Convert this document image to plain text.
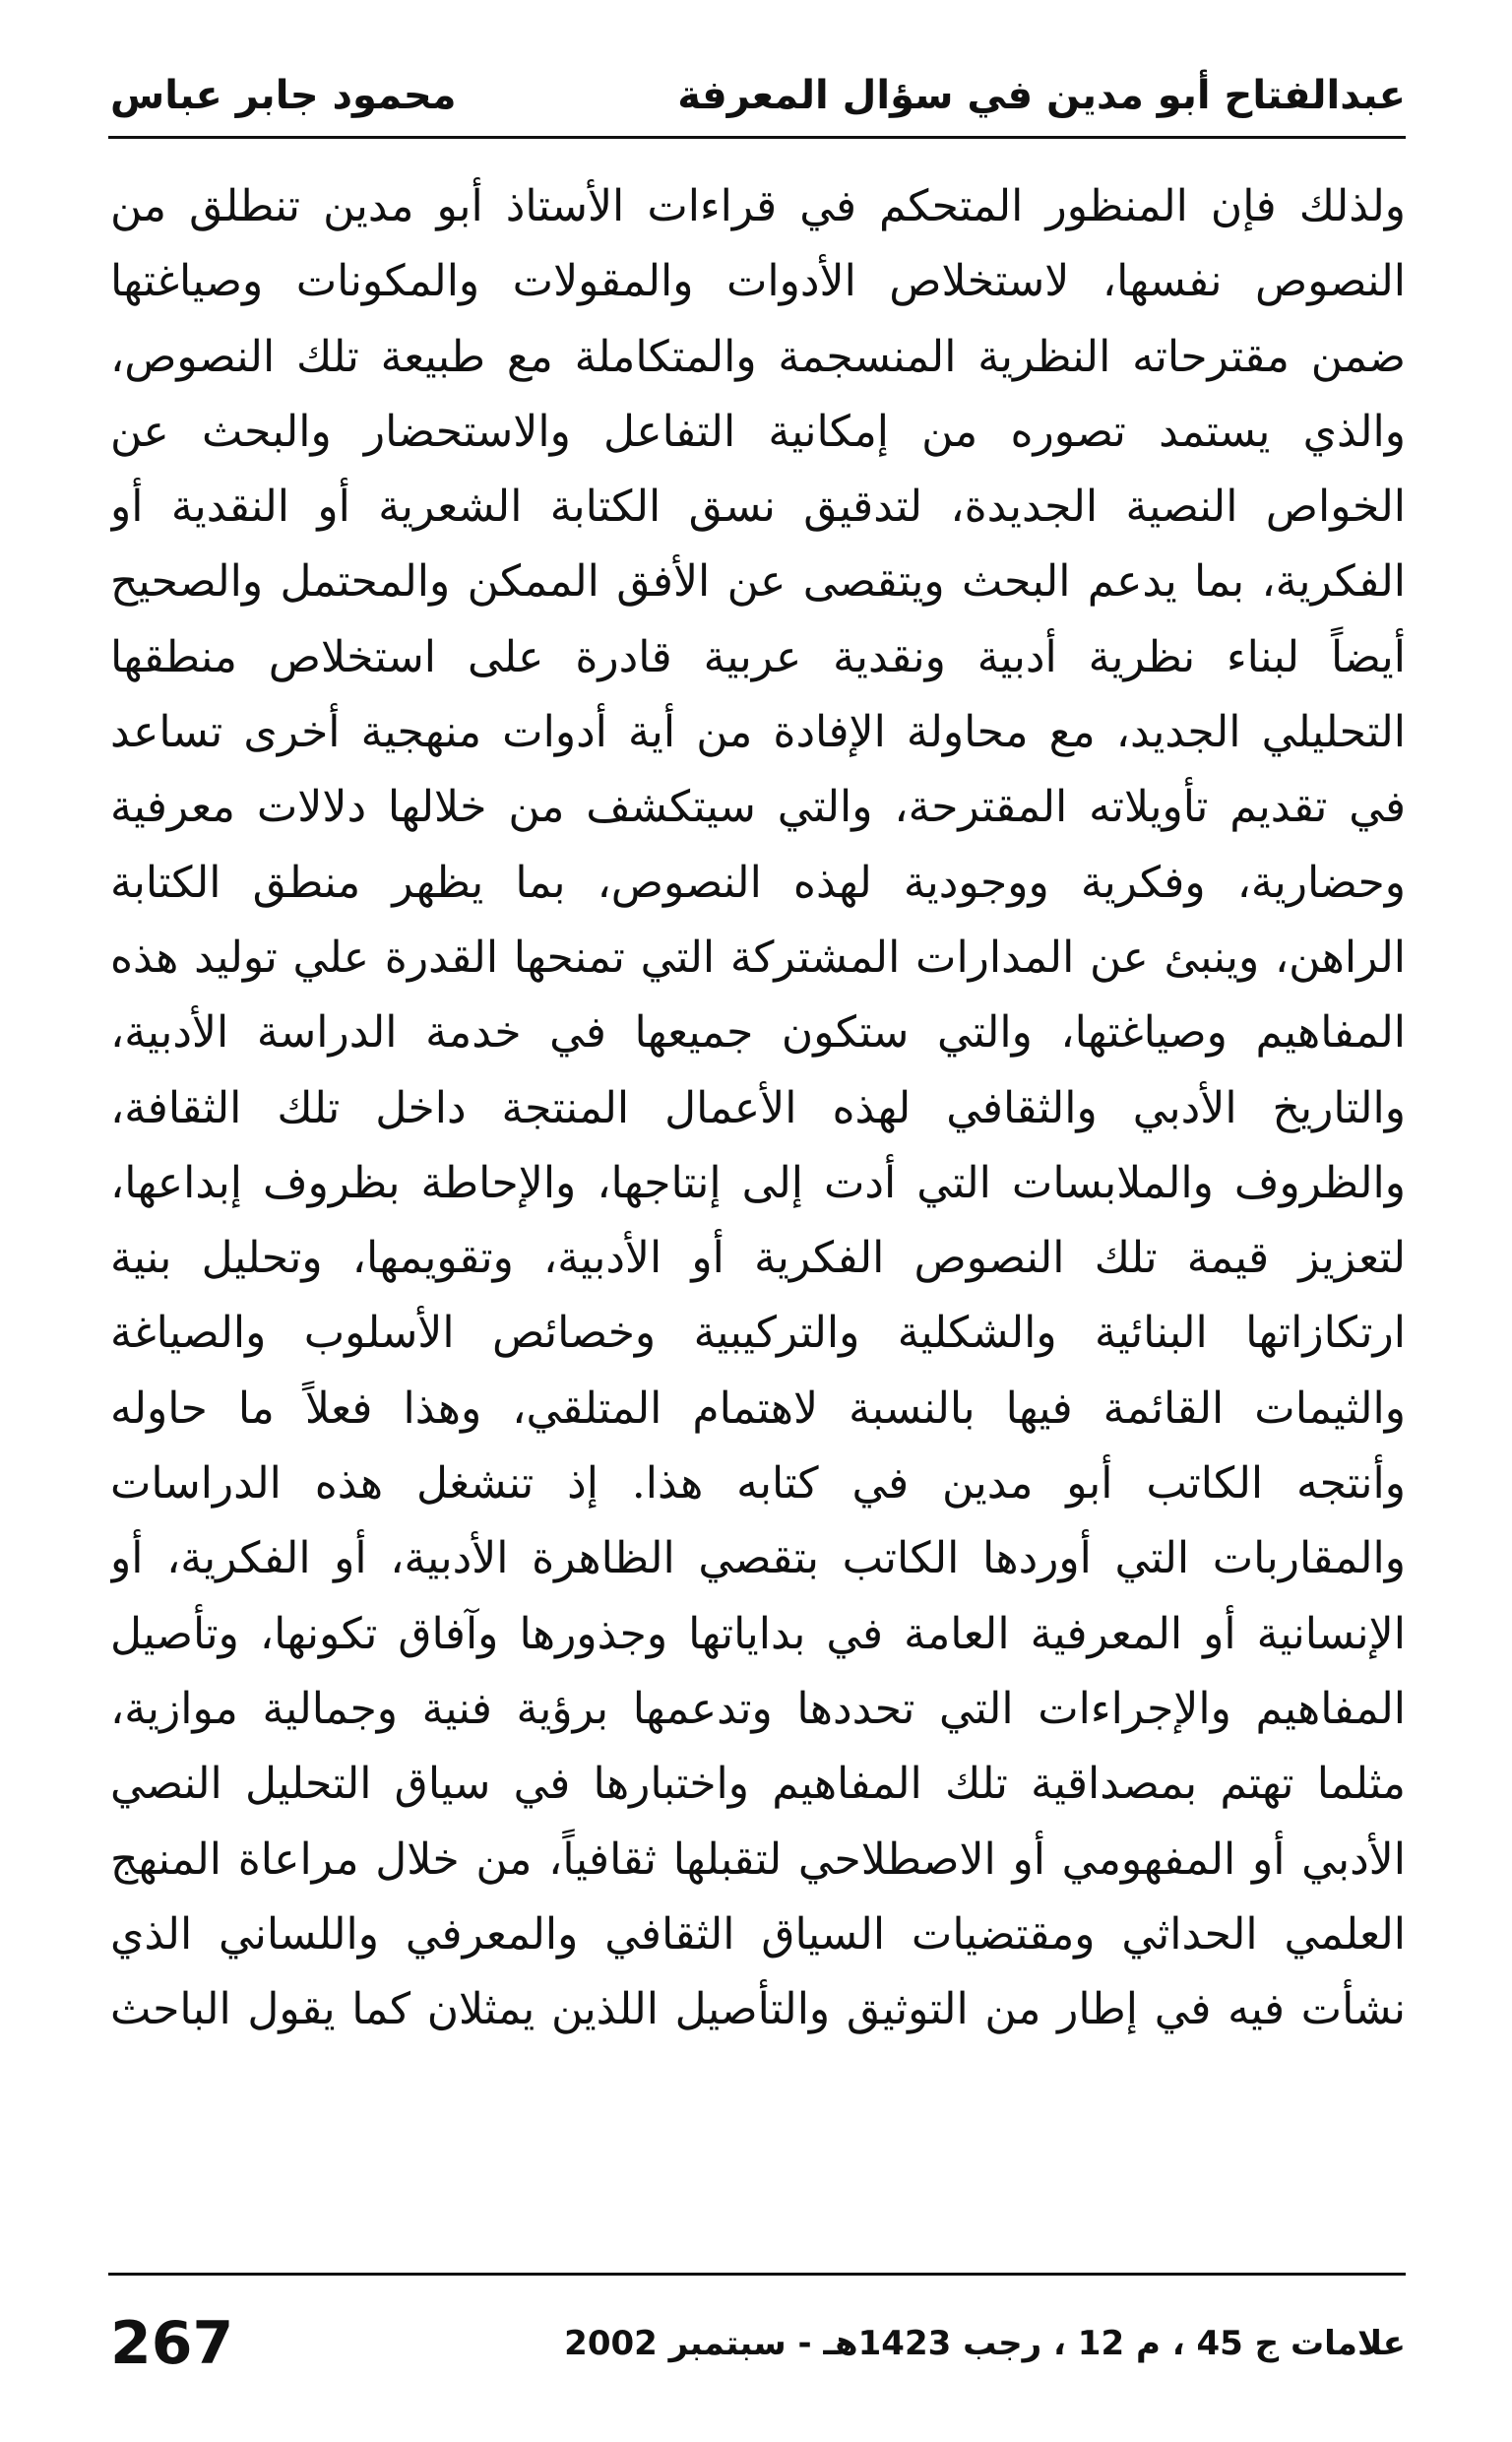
عبدالفتاح أبو مدين في سؤال المعرفة
محمود جابر عباس
ولذلك فإن المنظور المتحكم في قراءات الأستاذ أبو مدين تنطلق من
النصوص نفسها، لاستخلاص الأدوات والمقولات والمكونات وصياغتها
ضمن مقترحاته النظرية المنسجمة والمتكاملة مع طبيعة تلك النصوص،
والذي يستمد تصوره من إمكانية التفاعل والاستحضار والبحث عن
الخواص النصية الجديدة، لتدقيق نسق الكتابة الشعرية أو النقدية أو
الفكرية، بما يدعم البحث ويتقصى عن الأفق الممكن والمحتمل والصحيح
أيضاً لبناء نظرية أدبية ونقدية عربية قادرة على استخلاص منطقها
التحليلي الجديد، مع محاولة الإفادة من أية أدوات منهجية أخرى تساعد
في تقديم تأويلاته المقترحة، والتي سيتكشف من خلالها دلالات معرفية
وحضارية، وفكرية ووجودية لهذه النصوص، بما يظهر منطق الكتابة
الراهن، وينبئ عن المدارات المشتركة التي تمنحها القدرة علي توليد هذه
المفاهيم وصياغتها، والتي ستكون جميعها في خدمة الدراسة الأدبية،
والتاريخ الأدبي والثقافي لهذه الأعمال المنتجة داخل تلك الثقافة،
والظروف والملابسات التي أدت إلى إنتاجها، والإحاطة بظروف إبداعها،
لتعزيز قيمة تلك النصوص الفكرية أو الأدبية، وتقويمها، وتحليل بنية
ارتكازاتها البنائية والشكلية والتركيبية وخصائص الأسلوب والصياغة
والثيمات القائمة فيها بالنسبة لاهتمام المتلقي، وهذا فعلاً ما حاوله
وأنتجه الكاتب أبو مدين في كتابه هذا. إذ تنشغل هذه الدراسات
والمقاربات التي أوردها الكاتب بتقصي الظاهرة الأدبية، أو الفكرية، أو
الإنسانية أو المعرفية العامة في بداياتها وجذورها وآفاق تكونها، وتأصيل
المفاهيم والإجراءات التي تحددها وتدعمها برؤية فنية وجمالية موازية،
مثلما تهتم بمصداقية تلك المفاهيم واختبارها في سياق التحليل النصي
الأدبي أو المفهومي أو الاصطلاحي لتقبلها ثقافياً، من خلال مراعاة المنهج
العلمي الحداثي ومقتضيات السياق الثقافي والمعرفي واللساني الذي
نشأت فيه في إطار من التوثيق والتأصيل اللذين يمثلان كما يقول الباحث
267	علامات ج 45 ، م 12 ، رجب 1423هـ - سبتمبر 2002
